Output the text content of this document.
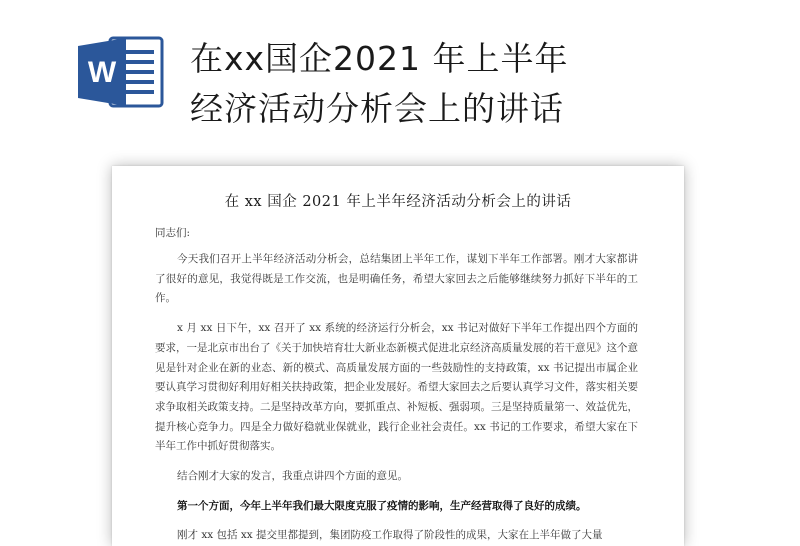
W 在xx国企2021 年上半年
经济活动分析会上的讲话
在 xx 国企 2021 年上半年经济活动分析会上的讲话
同志们:
今天我们召开上半年经济活动分析会，总结集团上半年工作，谋划下半年工作部署。刚才大家都讲了很好的意见，我觉得既是工作交流，也是明确任务，希望大家回去之后能够继续努力抓好下半年的工作。
x 月 xx 日下午，xx 召开了 xx 系统的经济运行分析会，xx 书记对做好下半年工作提出四个方面的要求，一是北京市出台了《关于加快培育壮大新业态新模式促进北京经济高质量发展的若干意见》这个意见是针对企业在新的业态、新的模式、高质量发展方面的一些鼓励性的支持政策，xx 书记提出市属企业要认真学习贯彻好利用好相关扶持政策，把企业发展好。希望大家回去之后要认真学习文件，落实相关要求争取相关政策支持。二是坚持改革方向，要抓重点、补短板、强弱项。三是坚持质量第一、效益优先，提升核心竞争力。四是全力做好稳就业保就业，践行企业社会责任。xx 书记的工作要求，希望大家在下半年工作中抓好贯彻落实。
结合刚才大家的发言，我重点讲四个方面的意见。
第一个方面，今年上半年我们最大限度克服了疫情的影响，生产经营取得了良好的成绩。
刚才 xx 包括 xx 提交里都提到，集团防疫工作取得了阶段性的成果，大家在上半年做了大量
